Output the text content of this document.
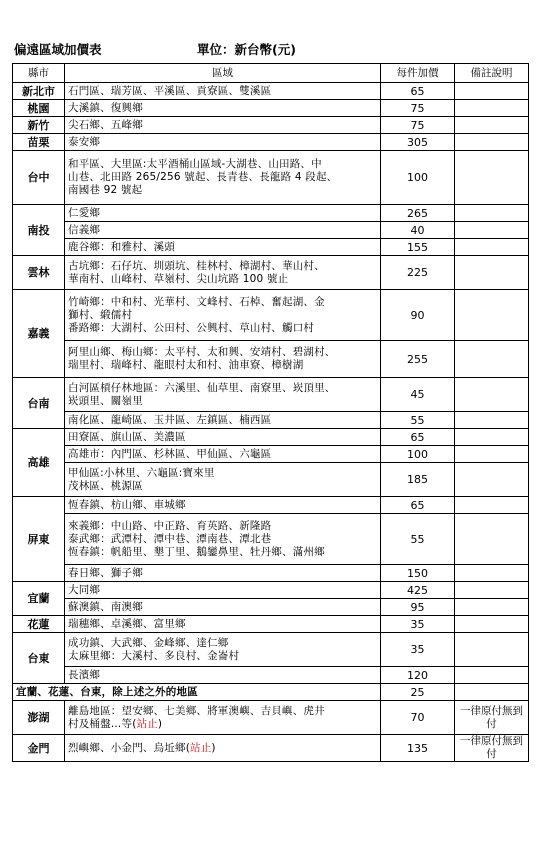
偏遠區域加價表	單位：新台幣(元)
縣市	區域	每件加價	備註說明
新北市	石門區、瑞芳區、平溪區、貢寮區、雙溪區	65	
桃園	大溪鎮、復興鄉	75	
新竹	尖石鄉、五峰鄉	75	
苗栗	泰安鄉	305	
台中	和平區、大里區:太平酒桶山區域-大湖巷、山田路、中
山巷、北田路 265/256 號起、長青巷、長龍路 4 段起、
南國巷 92 號起	100	
南投	仁愛鄉	265	
	信義鄉	40	
	鹿谷鄉：和雅村、溪頭	155	
雲林	古坑鄉：石仔坑、圳頭坑、桂林村、樟湖村、華山村、
華南村、山峰村、草嶺村、尖山坑路 100 號止	225	
嘉義	竹崎鄉：中和村、光華村、文峰村、石棹、奮起湖、金
獅村、緞儒村
番路鄉：大湖村、公田村、公興村、草山村、觸口村	90	
	阿里山鄉、梅山鄉：太平村、太和興、安靖村、碧湖村、
瑞里村、瑞峰村、龍眼村太和村、油車寮、樟樹湖	255	
台南	白河區槓仔林地區：六溪里、仙草里、南寮里、崁頂里、
崁頭里、關嶺里	45	
	南化區、龍崎區、玉井區、左鎮區、楠西區	55	
高雄	田寮區、旗山區、美濃區	65	
	高雄市：內門區、杉林區、甲仙區、六龜區	100	
	甲仙區:小林里、六龜區:寶來里
茂林區、桃源區	185	
屏東	恆春鎮、枋山鄉、車城鄉	65	
	來義鄉：中山路、中正路、育英路、新隆路
泰武鄉：武潭村、潭中巷、潭南巷、潭北巷
恆春鎮：帆船里、墾丁里、鵝鑾鼻里、牡丹鄉、滿州鄉	55	
	春日鄉、獅子鄉	150	
宜蘭	大同鄉	425	
	蘇澳鎮、南澳鄉	95	
花蓮	瑞穗鄉、卓溪鄉、富里鄉	35	
台東	成功鎮、大武鄉、金峰鄉、達仁鄉
太麻里鄉：大溪村、多良村、金崙村	35	
	長濱鄉	120	
宜蘭、花蓮、台東，除上述之外的地區		25	
澎湖	離島地區：望安鄉、七美鄉、將軍澳嶼、吉貝嶼、虎井
村及桶盤…等(站止)	70	一律原付無到付
金門	烈嶼鄉、小金門、烏坵鄉(站止)	135	一律原付無到付
